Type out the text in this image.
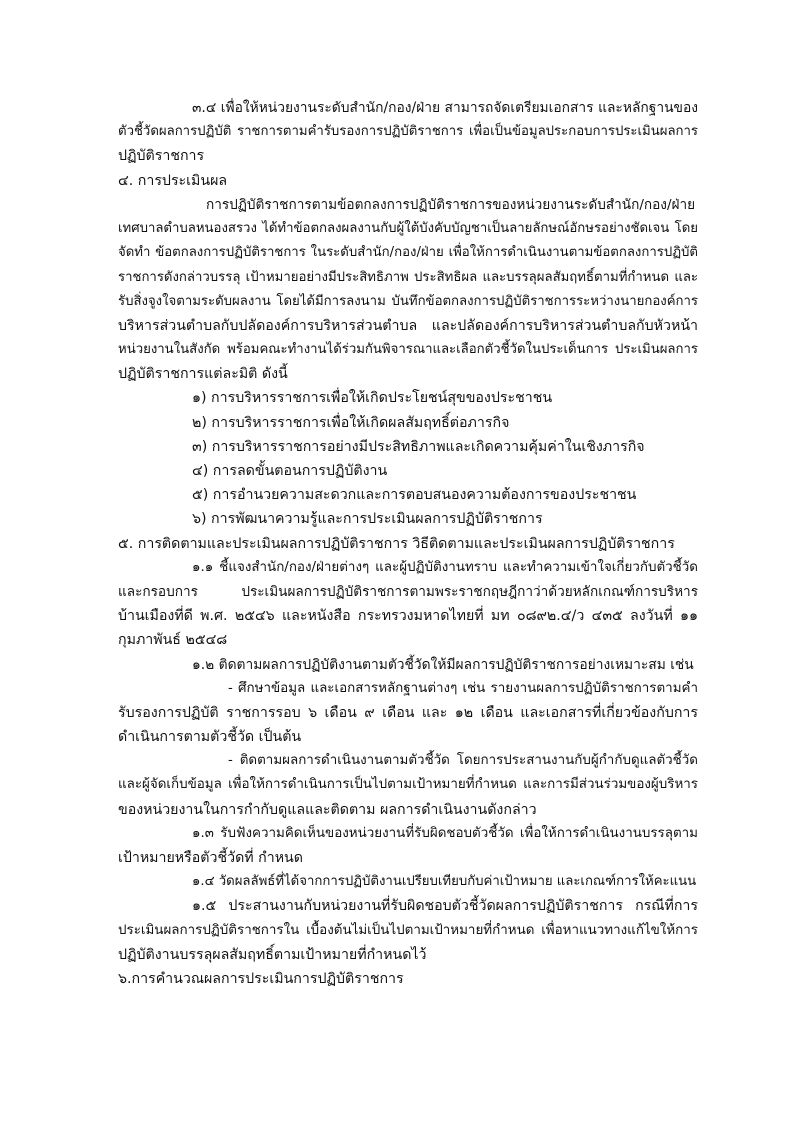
๓.๔ เพื่อให้หน่วยงานระดับสำนัก/กอง/ฝ่าย สามารถจัดเตรียมเอกสาร และหลักฐานของ

ตัวชี้วัดผลการปฏิบัติ ราชการตามคำรับรองการปฏิบัติราชการ เพื่อเป็นข้อมูลประกอบการประเมินผลการ

ปฏิบัติราชการ

๔. การประเมินผล

การปฏิบัติราชการตามข้อตกลงการปฏิบัติราชการของหน่วยงานระดับสำนัก/กอง/ฝ่าย

เทศบาลตำบลหนองสรวง ได้ทำข้อตกลงผลงานกับผู้ใต้บังคับบัญชาเป็นลายลักษณ์อักษรอย่างชัดเจน โดย

จัดทำ ข้อตกลงการปฏิบัติราชการ ในระดับสำนัก/กอง/ฝ่าย เพื่อให้การดำเนินงานตามข้อตกลงการปฏิบัติ

ราชการดังกล่าวบรรลุ เป้าหมายอย่างมีประสิทธิภาพ ประสิทธิผล และบรรลุผลสัมฤทธิ์ตามที่กำหนด และ

รับสิ่งจูงใจตามระดับผลงาน โดยได้มีการลงนาม บันทึกข้อตกลงการปฏิบัติราชการระหว่างนายกองค์การ

บริหารส่วนตำบลกับปลัดองค์การบริหารส่วนตำบล และปลัดองค์การบริหารส่วนตำบลกับหัวหน้า

หน่วยงานในสังกัด พร้อมคณะทำงานได้ร่วมกันพิจารณาและเลือกตัวชี้วัดในประเด็นการ ประเมินผลการ

ปฏิบัติราชการแต่ละมิติ ดังนี้

๑) การบริหารราชการเพื่อให้เกิดประโยชน์สุขของประชาชน

๒) การบริหารราชการเพื่อให้เกิดผลสัมฤทธิ์ต่อภารกิจ

๓) การบริหารราชการอย่างมีประสิทธิภาพและเกิดความคุ้มค่าในเชิงภารกิจ

๔) การลดขั้นตอนการปฏิบัติงาน

๕) การอำนวยความสะดวกและการตอบสนองความต้องการของประชาชน

๖) การพัฒนาความรู้และการประเมินผลการปฏิบัติราชการ

๕. การติดตามและประเมินผลการปฏิบัติราชการ วิธีติดตามและประเมินผลการปฏิบัติราชการ

๑.๑ ชี้แจงสำนัก/กอง/ฝ่ายต่างๆ และผู้ปฏิบัติงานทราบ และทำความเข้าใจเกี่ยวกับตัวชี้วัด

และกรอบการ ประเมินผลการปฏิบัติราชการตามพระราชกฤษฎีกาว่าด้วยหลักเกณฑ์การบริหาร

บ้านเมืองที่ดี พ.ศ. ๒๕๔๖ และหนังสือ กระทรวงมหาดไทยที่ มท ๐๘๙๒.๔/ว ๔๓๕ ลงวันที่ ๑๑

กุมภาพันธ์ ๒๕๔๘

๑.๒ ติดตามผลการปฏิบัติงานตามตัวชี้วัดให้มีผลการปฏิบัติราชการอย่างเหมาะสม เช่น

- ศึกษาข้อมูล และเอกสารหลักฐานต่างๆ เช่น รายงานผลการปฏิบัติราชการตามคำ

รับรองการปฏิบัติ ราชการรอบ ๖ เดือน ๙ เดือน และ ๑๒ เดือน และเอกสารที่เกี่ยวข้องกับการ

ดำเนินการตามตัวชี้วัด เป็นต้น

- ติดตามผลการดำเนินงานตามตัวชี้วัด โดยการประสานงานกับผู้กำกับดูแลตัวชี้วัด

และผู้จัดเก็บข้อมูล เพื่อให้การดำเนินการเป็นไปตามเป้าหมายที่กำหนด และการมีส่วนร่วมของผู้บริหาร

ของหน่วยงานในการกำกับดูแลและติดตาม ผลการดำเนินงานดังกล่าว

๑.๓ รับฟังความคิดเห็นของหน่วยงานที่รับผิดชอบตัวชี้วัด เพื่อให้การดำเนินงานบรรลุตาม

เป้าหมายหรือตัวชี้วัดที่ กำหนด

๑.๔ วัดผลลัพธ์ที่ได้จากการปฏิบัติงานเปรียบเทียบกับค่าเป้าหมาย และเกณฑ์การให้คะแนน

๑.๕ ประสานงานกับหน่วยงานที่รับผิดชอบตัวชี้วัดผลการปฏิบัติราชการ กรณีที่การ

ประเมินผลการปฏิบัติราชการใน เบื้องต้นไม่เป็นไปตามเป้าหมายที่กำหนด เพื่อหาแนวทางแก้ไขให้การ

ปฏิบัติงานบรรลุผลสัมฤทธิ์ตามเป้าหมายที่กำหนดไว้

๖.การคำนวณผลการประเมินการปฏิบัติราชการ
